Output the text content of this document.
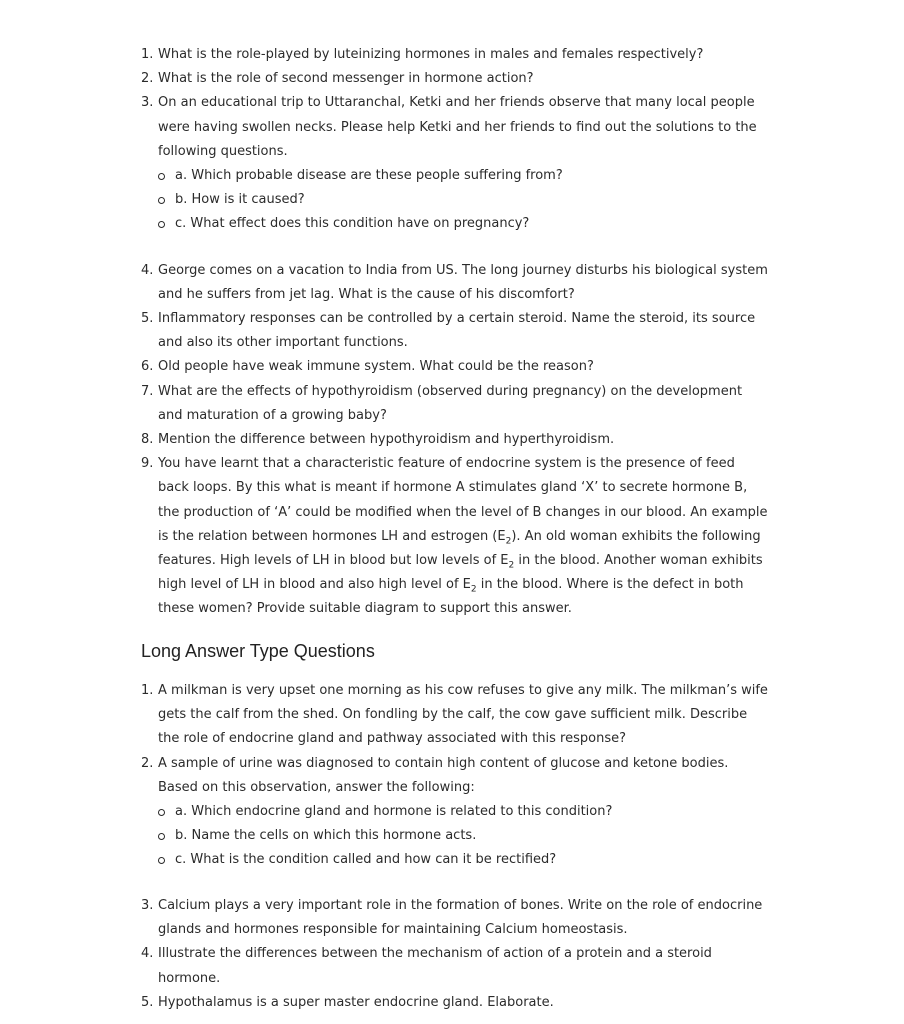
1. What is the role-played by luteinizing hormones in males and females respectively?
2. What is the role of second messenger in hormone action?
3. On an educational trip to Uttaranchal, Ketki and her friends observe that many local people were having swollen necks. Please help Ketki and her friends to find out the solutions to the following questions.
a. Which probable disease are these people suffering from?
b. How is it caused?
c. What effect does this condition have on pregnancy?
4. George comes on a vacation to India from US. The long journey disturbs his biological system and he suffers from jet lag. What is the cause of his discomfort?
5. Inflammatory responses can be controlled by a certain steroid. Name the steroid, its source and also its other important functions.
6. Old people have weak immune system. What could be the reason?
7. What are the effects of hypothyroidism (observed during pregnancy) on the development and maturation of a growing baby?
8. Mention the difference between hypothyroidism and hyperthyroidism.
9. You have learnt that a characteristic feature of endocrine system is the presence of feed back loops. By this what is meant if hormone A stimulates gland ‘X’ to secrete hormone B, the production of ‘A’ could be modified when the level of B changes in our blood. An example is the relation between hormones LH and estrogen $(E_2)$. An old woman exhibits the following features. High levels of LH in blood but low levels of $E_2$ in the blood. Another woman exhibits high level of LH in blood and also high level of $E_2$ in the blood. Where is the defect in both these women? Provide suitable diagram to support this answer.
Long Answer Type Questions
1. A milkman is very upset one morning as his cow refuses to give any milk. The milkman’s wife gets the calf from the shed. On fondling by the calf, the cow gave sufficient milk. Describe the role of endocrine gland and pathway associated with this response?
2. A sample of urine was diagnosed to contain high content of glucose and ketone bodies. Based on this observation, answer the following:
a. Which endocrine gland and hormone is related to this condition?
b. Name the cells on which this hormone acts.
c. What is the condition called and how can it be rectified?
3. Calcium plays a very important role in the formation of bones. Write on the role of endocrine glands and hormones responsible for maintaining Calcium homeostasis.
4. Illustrate the differences between the mechanism of action of a protein and a steroid hormone.
5. Hypothalamus is a super master endocrine gland. Elaborate.
